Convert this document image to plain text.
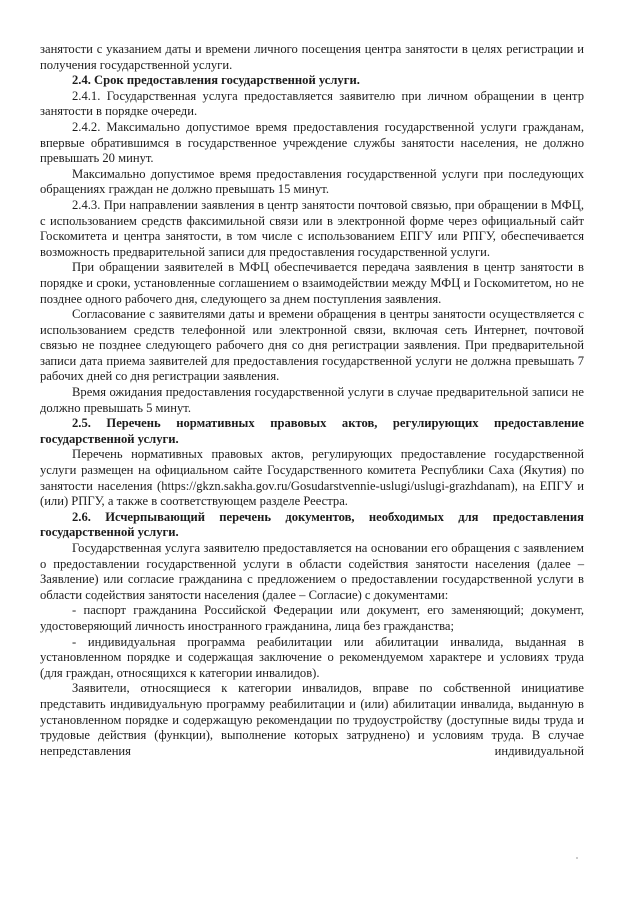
занятости с указанием даты и времени личного посещения центра занятости в целях регистрации и получения государственной услуги.

2.4. Срок предоставления государственной услуги.

2.4.1. Государственная услуга предоставляется заявителю при личном обращении в центр занятости в порядке очереди.

2.4.2. Максимально допустимое время предоставления государственной услуги гражданам, впервые обратившимся в государственное учреждение службы занятости населения, не должно превышать 20 минут.

Максимально допустимое время предоставления государственной услуги при последующих обращениях граждан не должно превышать 15 минут.

2.4.3. При направлении заявления в центр занятости почтовой связью, при обращении в МФЦ, с использованием средств факсимильной связи или в электронной форме через официальный сайт Госкомитета и центра занятости, в том числе с использованием ЕПГУ или РПГУ, обеспечивается возможность предварительной записи для предоставления государственной услуги.

При обращении заявителей в МФЦ обеспечивается передача заявления в центр занятости в порядке и сроки, установленные соглашением о взаимодействии между МФЦ и Госкомитетом, но не позднее одного рабочего дня, следующего за днем поступления заявления.

Согласование с заявителями даты и времени обращения в центры занятости осуществляется с использованием средств телефонной или электронной связи, включая сеть Интернет, почтовой связью не позднее следующего рабочего дня со дня регистрации заявления. При предварительной записи дата приема заявителей для предоставления государственной услуги не должна превышать 7 рабочих дней со дня регистрации заявления.

Время ожидания предоставления государственной услуги в случае предварительной записи не должно превышать 5 минут.

2.5. Перечень нормативных правовых актов, регулирующих предоставление государственной услуги.

Перечень нормативных правовых актов, регулирующих предоставление государственной услуги размещен на официальном сайте Государственного комитета Республики Саха (Якутия) по занятости населения (https://gkzn.sakha.gov.ru/Gosudarstvennie-uslugi/uslugi-grazhdanam), на ЕПГУ и (или) РПГУ, а также в соответствующем разделе Реестра.

2.6. Исчерпывающий перечень документов, необходимых для предоставления государственной услуги.

Государственная услуга заявителю предоставляется на основании его обращения с заявлением о предоставлении государственной услуги в области содействия занятости населения (далее – Заявление) или согласие гражданина с предложением о предоставлении государственной услуги в области содействия занятости населения (далее – Согласие) с документами:

- паспорт гражданина Российской Федерации или документ, его заменяющий; документ, удостоверяющий личность иностранного гражданина, лица без гражданства;

- индивидуальная программа реабилитации или абилитации инвалида, выданная в установленном порядке и содержащая заключение о рекомендуемом характере и условиях труда (для граждан, относящихся к категории инвалидов).

Заявители, относящиеся к категории инвалидов, вправе по собственной инициативе представить индивидуальную программу реабилитации и (или) абилитации инвалида, выданную в установленном порядке и содержащую рекомендации по трудоустройству (доступные виды труда и трудовые действия (функции), выполнение которых затруднено) и условиям труда. В случае непредставления индивидуальной
